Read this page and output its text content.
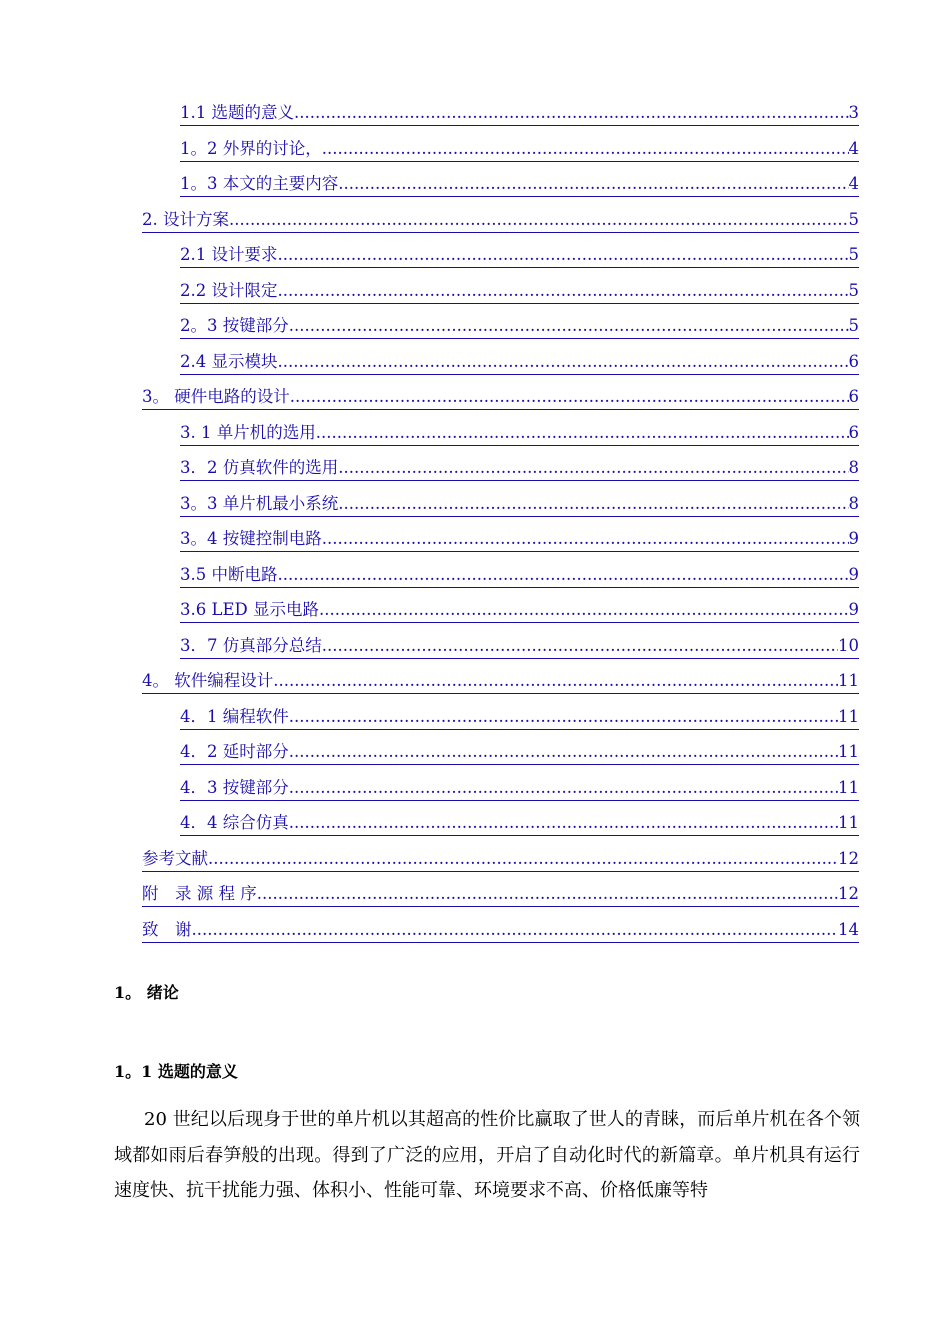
1.1 选题的意义 .....	3
1。2 外界的讨论， .....	4
1。3 本文的主要内容 .....	4
2. 设计方案 .....	5
2.1 设计要求 .....	5
2.2 设计限定 .....	5
2。3 按键部分 .....	5
2.4 显示模块 .....	6
3。 硬件电路的设计 .....	6
3. 1 单片机的选用 .....	6
3．2 仿真软件的选用 .....	8
3。3 单片机最小系统 .....	8
3。4 按键控制电路 .....	9
3.5 中断电路 .....	9
3.6 LED 显示电路 .....	9
3．7 仿真部分总结 .....	10
4。 软件编程设计 .....	11
4．1 编程软件 .....	11
4．2 延时部分 .....	11
4．3 按键部分 .....	11
4．4 综合仿真 .....	11
参考文献 .....	12
附　录 源 程 序 .....	12
致　谢 .....	14
1。 绪论
1。1 选题的意义

20 世纪以后现身于世的单片机以其超高的性价比赢取了世人的青睐，而后单片机在各个领域都如雨后春笋般的出现。得到了广泛的应用，开启了自动化时代的新篇章。单片机具有运行速度快、抗干扰能力强、体积小、性能可靠、环境要求不高、价格低廉等特
